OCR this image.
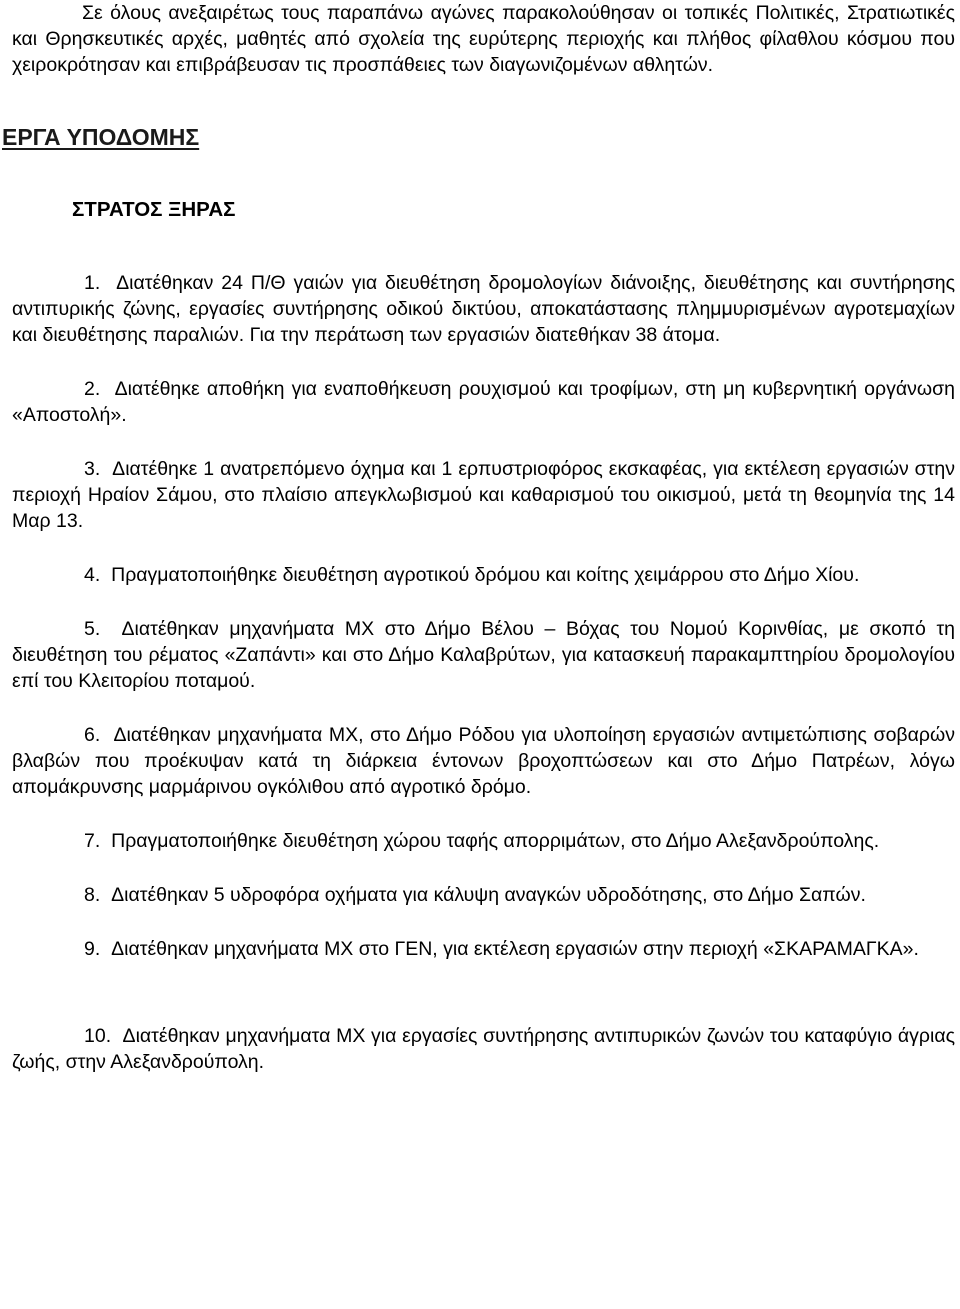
Σε όλους ανεξαιρέτως τους παραπάνω αγώνες παρακολούθησαν οι τοπικές Πολιτικές, Στρατιωτικές και Θρησκευτικές αρχές, μαθητές από σχολεία της ευρύτερης περιοχής και πλήθος φίλαθλου κόσμου που χειροκρότησαν και επιβράβευσαν τις προσπάθειες των διαγωνιζομένων αθλητών.

ΕΡΓΑ ΥΠΟΔΟΜΗΣ
ΣΤΡΑΤΟΣ ΞΗΡΑΣ

1. Διατέθηκαν 24 Π/Θ γαιών για διευθέτηση δρομολογίων διάνοιξης, διευθέτησης και συντήρησης αντιπυρικής ζώνης, εργασίες συντήρησης οδικού δικτύου, αποκατάστασης πλημμυρισμένων αγροτεμαχίων και διευθέτησης παραλιών. Για την περάτωση των εργασιών διατεθήκαν 38 άτομα.

2. Διατέθηκε αποθήκη για εναποθήκευση ρουχισμού και τροφίμων, στη μη κυβερνητική οργάνωση «Αποστολή».

3. Διατέθηκε 1 ανατρεπόμενο όχημα και 1 ερπυστριοφόρος εκσκαφέας, για εκτέλεση εργασιών στην περιοχή Ηραίον Σάμου, στο πλαίσιο απεγκλωβισμού και καθαρισμού του οικισμού, μετά τη θεομηνία της 14 Μαρ 13.

4. Πραγματοποιήθηκε διευθέτηση αγροτικού δρόμου και κοίτης χειμάρρου στο Δήμο Χίου.

5. Διατέθηκαν μηχανήματα ΜΧ στο Δήμο Βέλου – Βόχας του Νομού Κορινθίας, με σκοπό τη διευθέτηση του ρέματος «Ζαπάντι» και στο Δήμο Καλαβρύτων, για κατασκευή παρακαμπτηρίου δρομολογίου επί του Κλειτορίου ποταμού.

6. Διατέθηκαν μηχανήματα ΜΧ, στο Δήμο Ρόδου για υλοποίηση εργασιών αντιμετώπισης σοβαρών βλαβών που προέκυψαν κατά τη διάρκεια έντονων βροχοπτώσεων και στο Δήμο Πατρέων, λόγω απομάκρυνσης μαρμάρινου ογκόλιθου από αγροτικό δρόμο.

7. Πραγματοποιήθηκε διευθέτηση χώρου ταφής απορριμάτων, στο Δήμο Αλεξανδρούπολης.

8. Διατέθηκαν 5 υδροφόρα οχήματα για κάλυψη αναγκών υδροδότησης, στο Δήμο Σαπών.

9. Διατέθηκαν μηχανήματα ΜΧ στο ΓΕΝ, για εκτέλεση εργασιών στην περιοχή «ΣΚΑΡΑΜΑΓΚΑ».

10. Διατέθηκαν μηχανήματα ΜΧ για εργασίες συντήρησης αντιπυρικών ζωνών του καταφύγιο άγριας ζωής, στην Αλεξανδρούπολη.
